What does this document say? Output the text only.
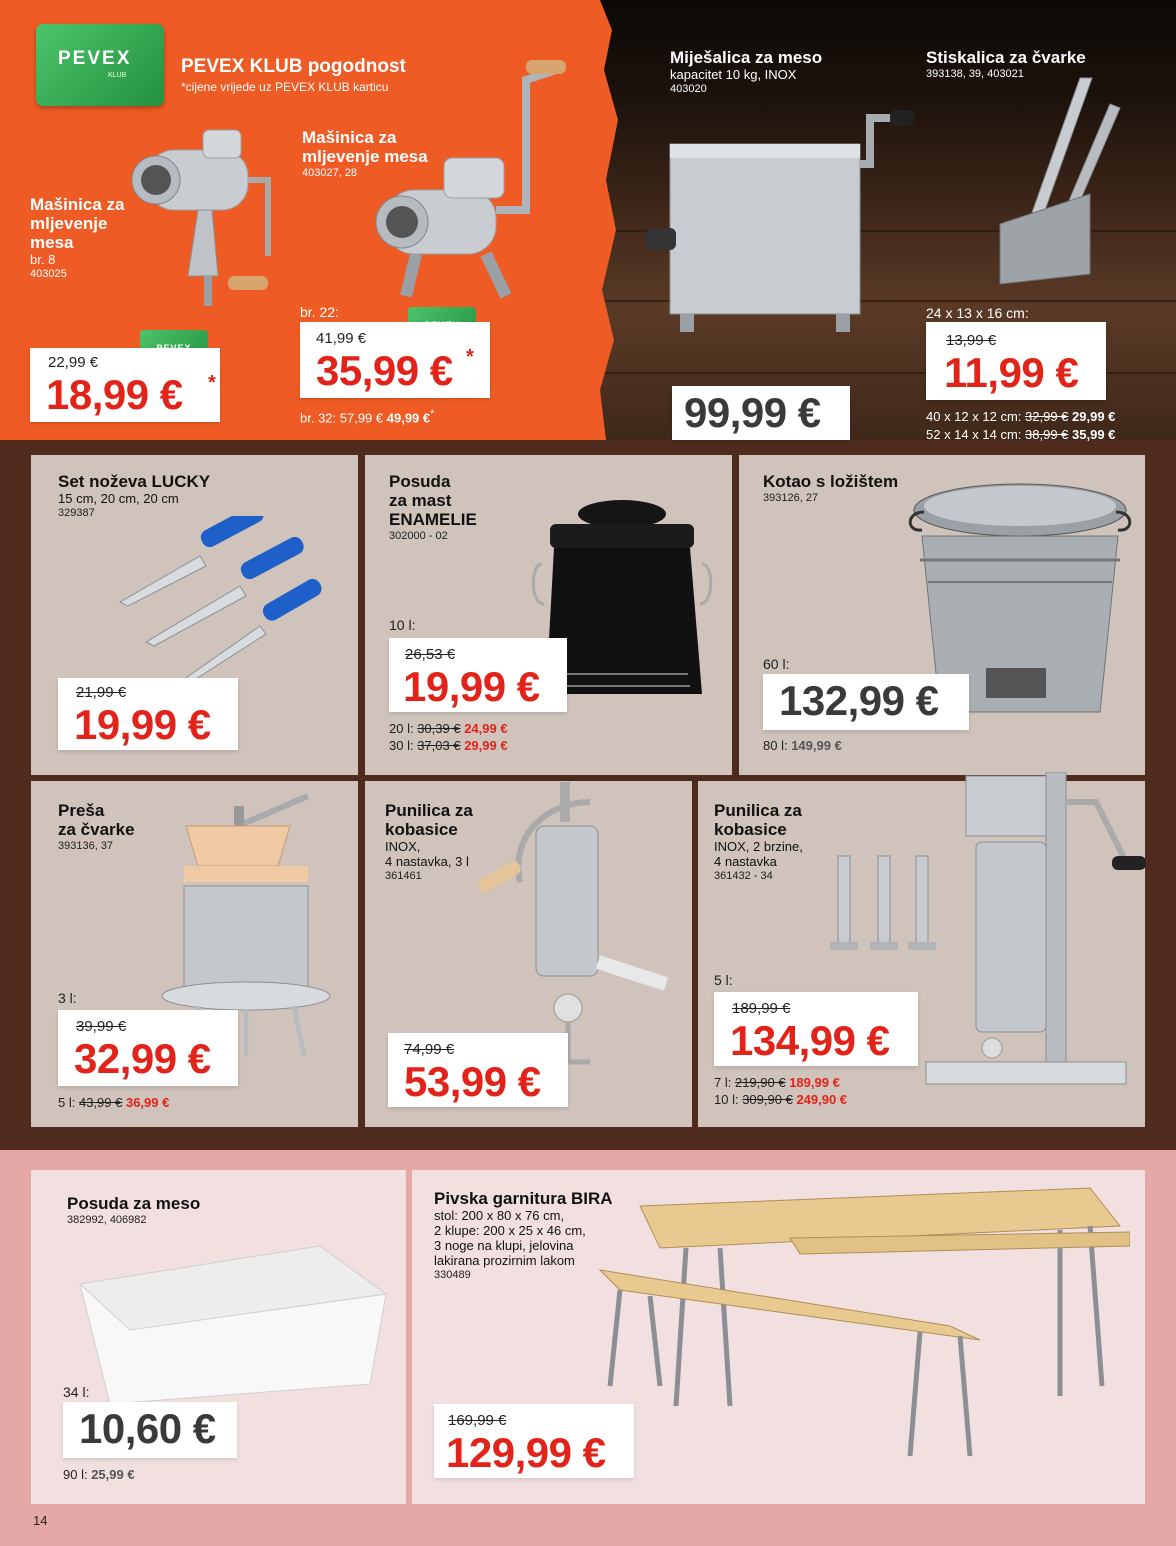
PEVEX
KLUB	PEVEX KLUB pogodnost
*cijene vrijede uz PEVEX KLUB karticu
Mašinica za mljevenje mesa
br. 8
403025
22,99 €
18,99 € *
Mašinica za mljevenje mesa
403027, 28
br. 22:
41,99 €
35,99 € *
br. 32: 57,99 € 49,99 €*
Miješalica za meso
kapacitet 10 kg, INOX
403020
99,99 €
Stiskalica za čvarke
393138, 39, 403021
24 x 13 x 16 cm:
13,99 €
11,99 €
40 x 12 x 12 cm: 32,99 € 29,99 €
52 x 14 x 14 cm: 38,99 € 35,99 €
Set noževa LUCKY
15 cm, 20 cm, 20 cm
329387
21,99 €
19,99 €
Posuda
za mast
ENAMELIE
302000 - 02
10 l:
26,53 €
19,99 €
20 l: 30,39 € 24,99 €
30 l: 37,03 € 29,99 €
Kotao s ložištem
393126, 27
60 l:
132,99 €
80 l: 149,99 €
Preša
za čvarke
393136, 37
3 l:
39,99 €
32,99 €
5 l: 43,99 € 36,99 €
Punilica za
kobasice
INOX,
4 nastavka, 3 l
361461
74,99 €
53,99 €
Punilica za
kobasice
INOX, 2 brzine,
4 nastavka
361432 - 34
5 l:
189,99 €
134,99 €
7 l: 219,90 € 189,99 €
10 l: 309,90 € 249,90 €
Posuda za meso
382992, 406982
34 l:
10,60 €
90 l: 25,99 €
Pivska garnitura BIRA
stol: 200 x 80 x 76 cm,
2 klupe: 200 x 25 x 46 cm,
3 noge na klupi, jelovina
lakirana prozirnim lakom
330489
169,99 €
129,99 €
14
